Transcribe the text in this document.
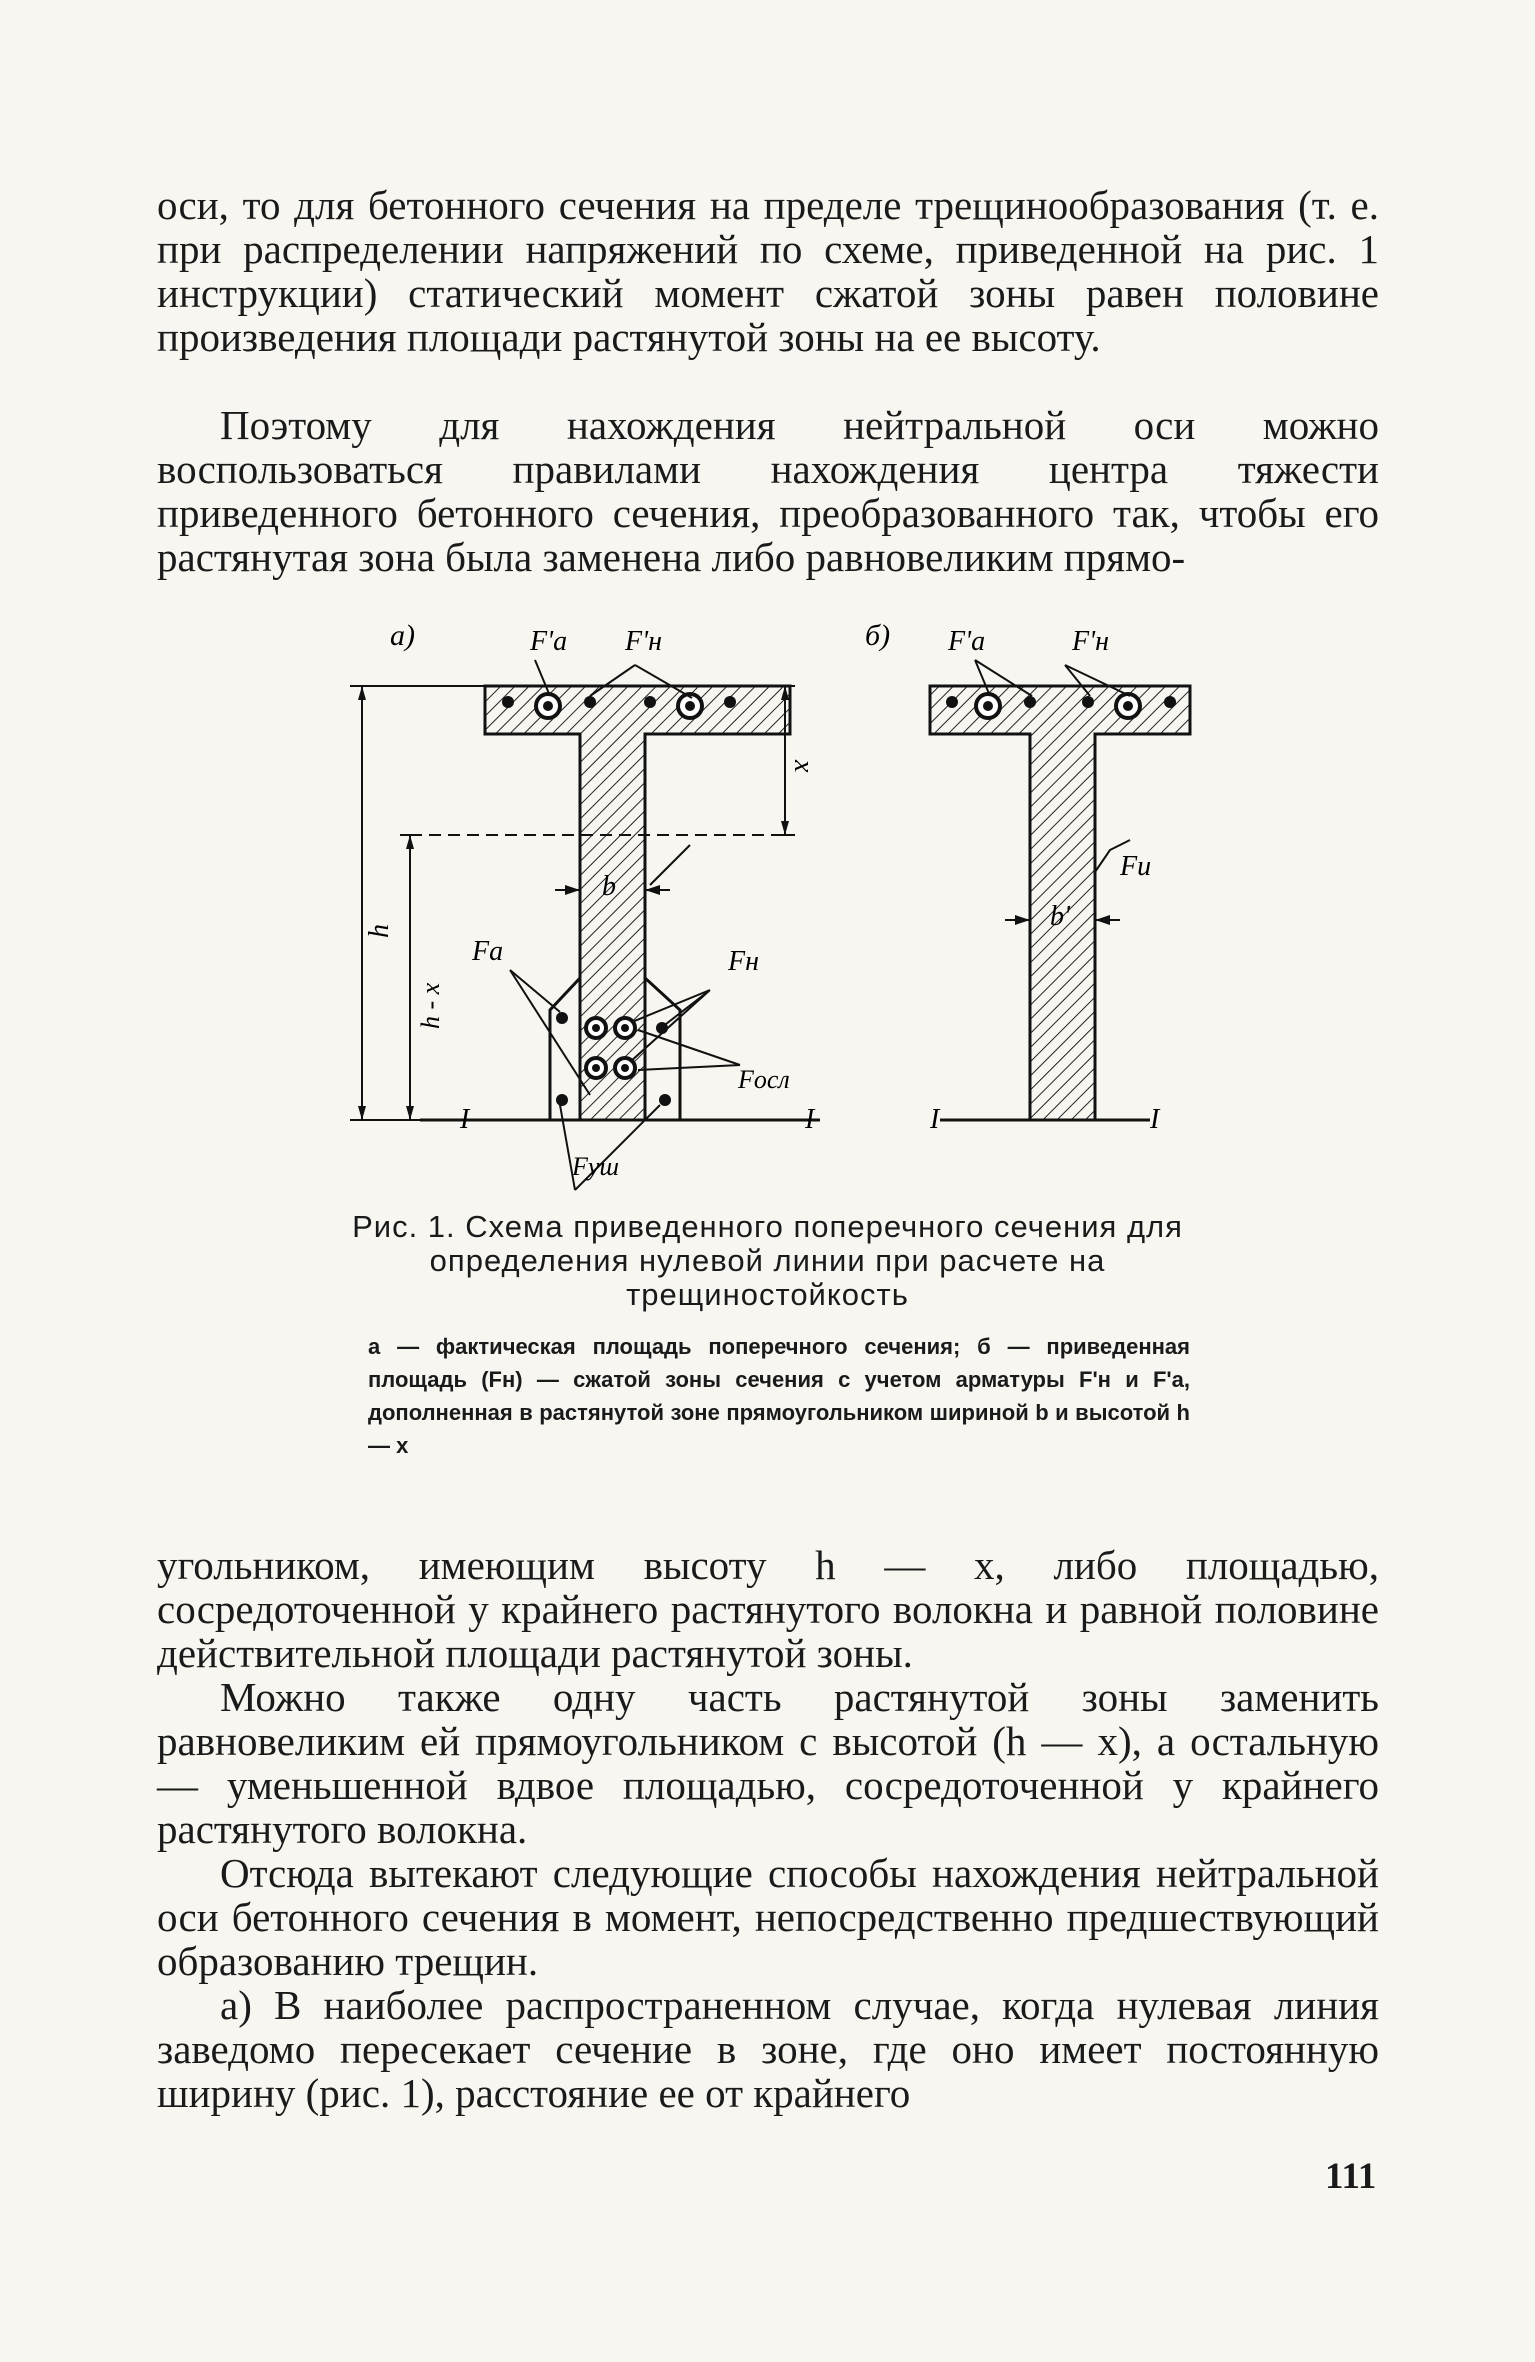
оси, то для бетонного сечения на пределе трещинообразования (т. е. при распределении напряжений по схеме, приведенной на рис. 1 инструкции) статический момент сжатой зоны равен половине произведения площади растянутой зоны на ее высоту.

Поэтому для нахождения нейтральной оси можно воспользоваться правилами нахождения центра тяжести приведенного бетонного сечения, преобразованного так, чтобы его растянутая зона была заменена либо равновеликим прямо-

а)	F'a F'н
x
h
h - x
b
Fa	Fн
Fосл
Fуш
I	I
б) F'a	F'н
Fu
b'
I	I
Рис. 1. Схема приведенного поперечного сечения для определения нулевой линии при расчете на трещиностойкость

а — фактическая площадь поперечного сечения; б — приведенная площадь (Fн) — сжатой зоны сечения с учетом арматуры F'н и F'а, дополненная в растянутой зоне прямоугольником шириной b и высотой h — x

угольником, имеющим высоту h — x, либо площадью, сосредоточенной у крайнего растянутого волокна и равной половине действительной площади растянутой зоны.

Можно также одну часть растянутой зоны заменить равновеликим ей прямоугольником с высотой (h — x), а остальную — уменьшенной вдвое площадью, сосредоточенной у крайнего растянутого волокна.

Отсюда вытекают следующие способы нахождения нейтральной оси бетонного сечения в момент, непосредственно предшествующий образованию трещин.

а) В наиболее распространенном случае, когда нулевая линия заведомо пересекает сечение в зоне, где оно имеет постоянную ширину (рис. 1), расстояние ее от крайнего

111
